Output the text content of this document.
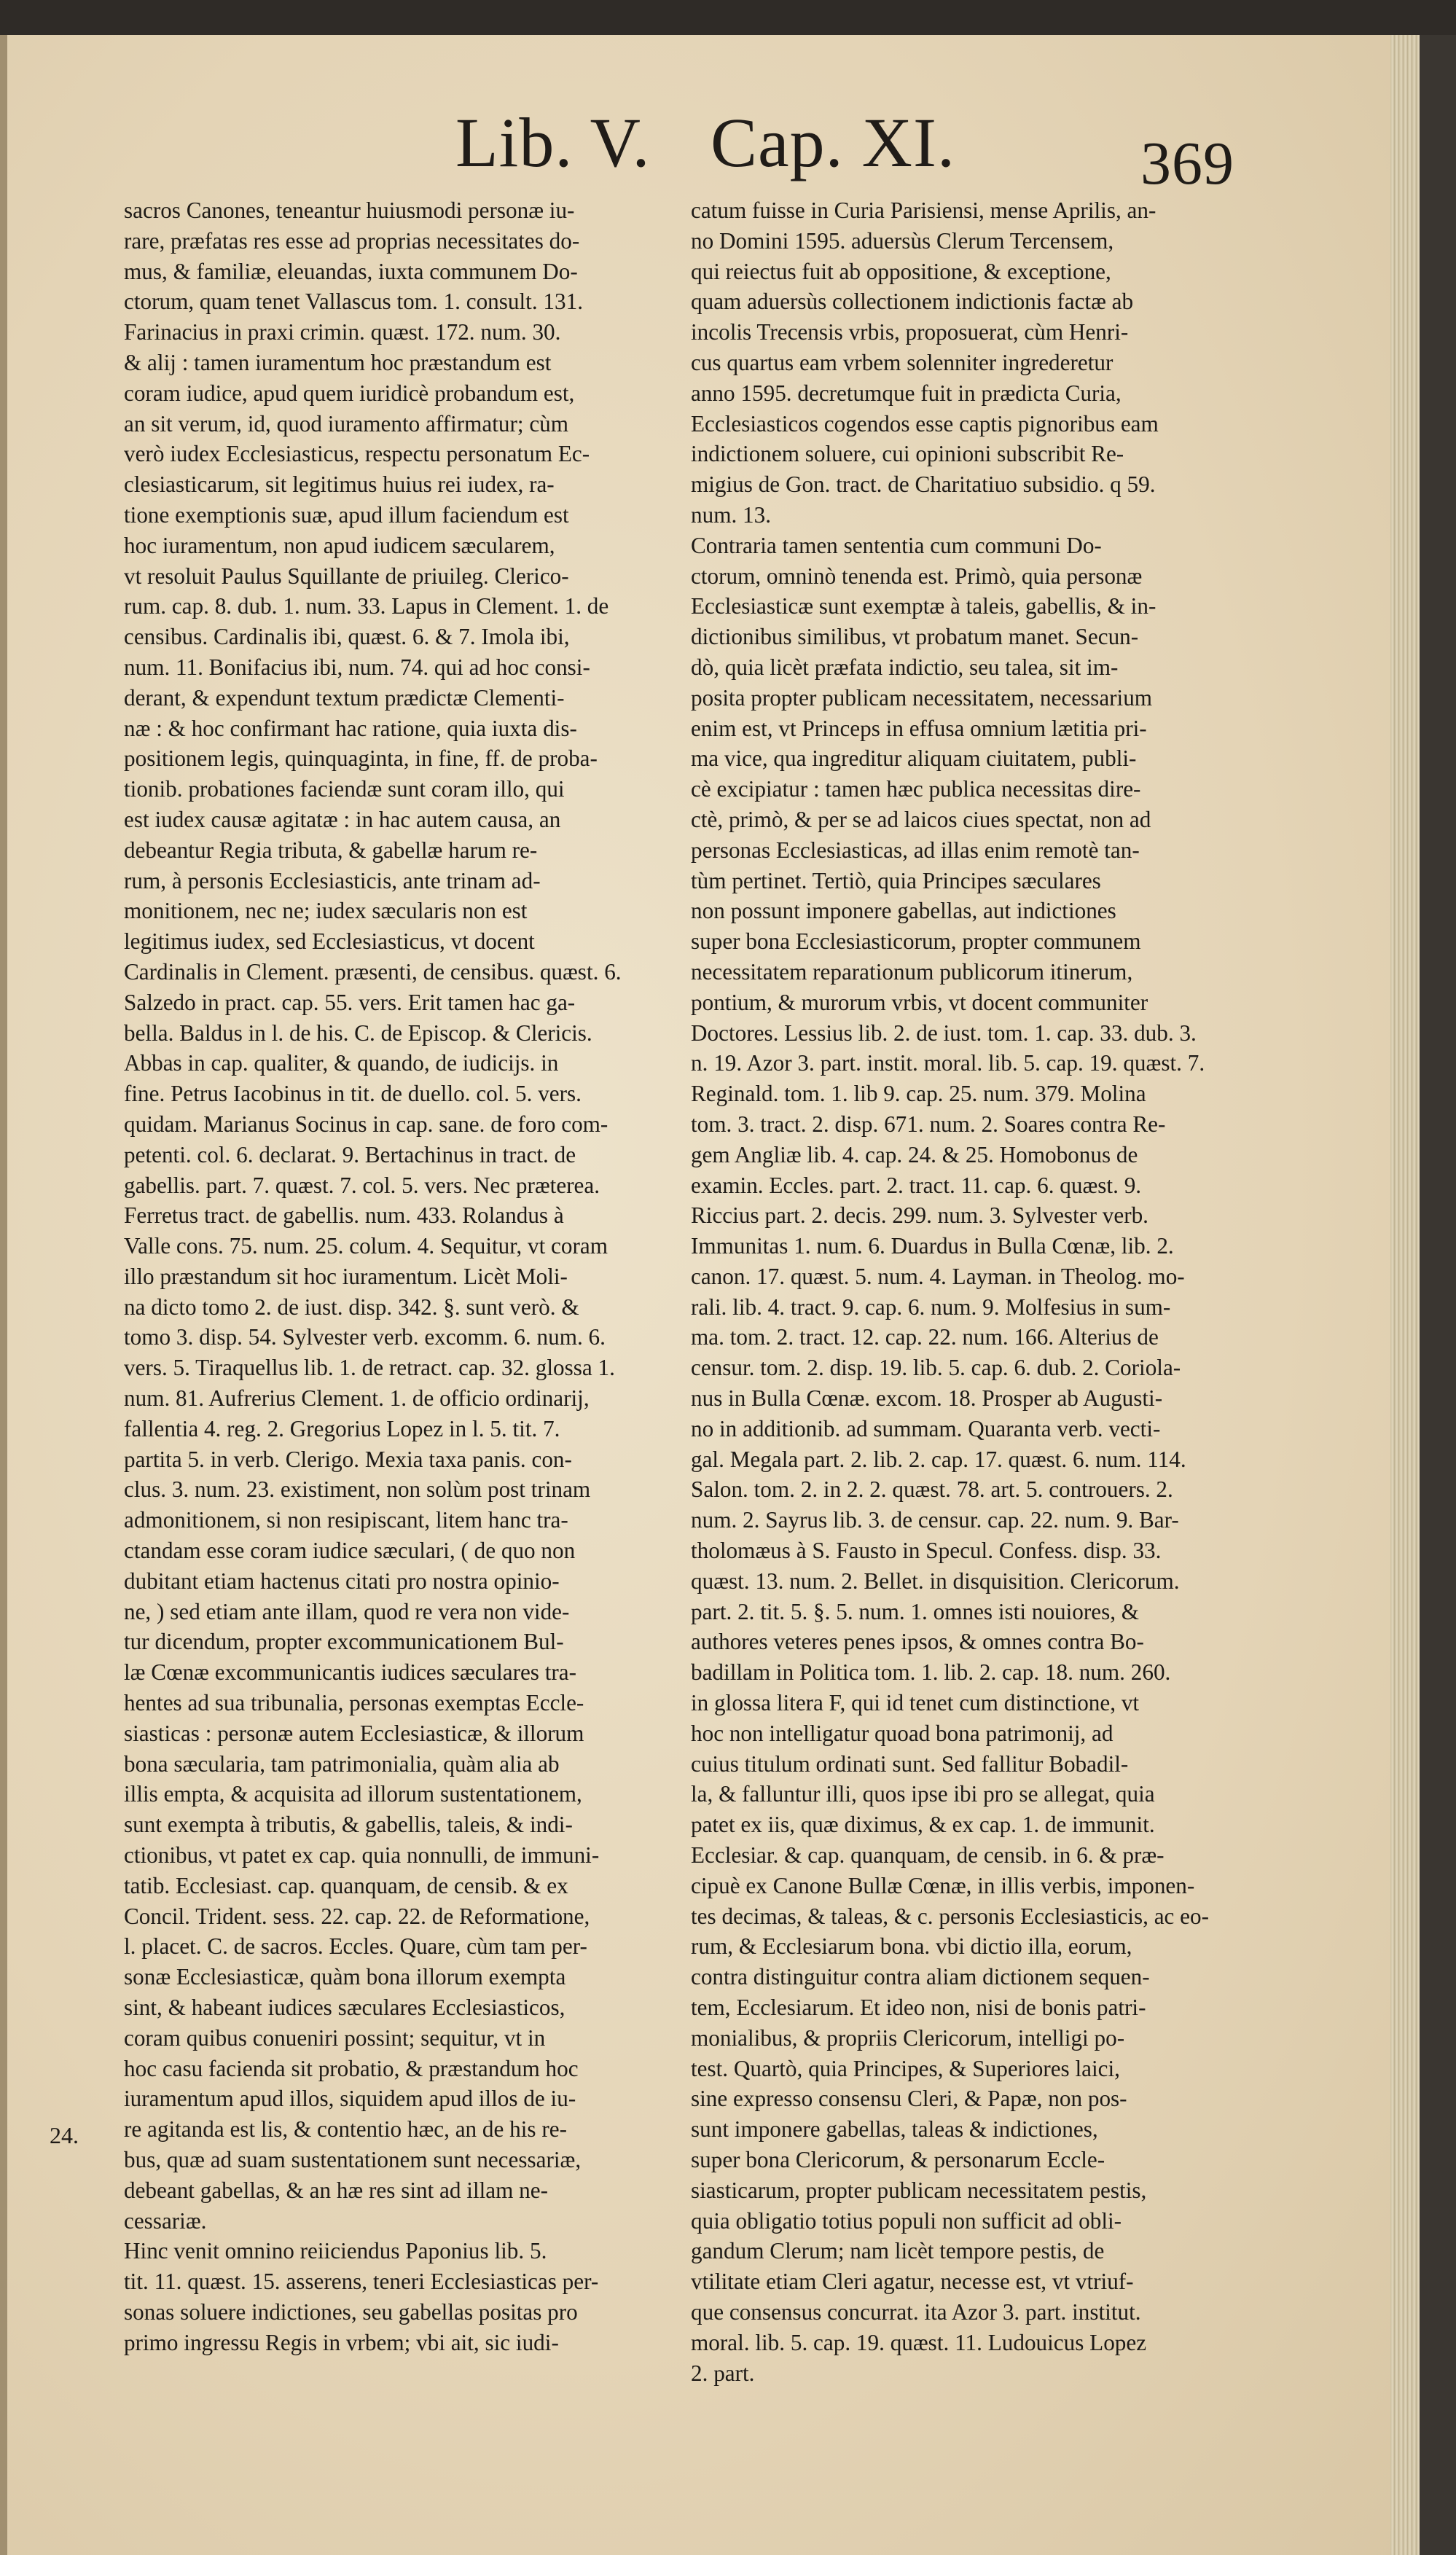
Lib. V. Cap. XI.	369
sacros Canones, teneantur huiusmodi personæ iu-
rare, præfatas res esse ad proprias necessitates do-
mus, & familiæ, eleuandas, iuxta communem Do-
ctorum, quam tenet Vallascus tom. 1. consult. 131.
Farinacius in praxi crimin. quæst. 172. num. 30.
& alij : tamen iuramentum hoc præstandum est
coram iudice, apud quem iuridicè probandum est,
an sit verum, id, quod iuramento affirmatur; cùm
verò iudex Ecclesiasticus, respectu personatum Ec-
clesiasticarum, sit legitimus huius rei iudex, ra-
tione exemptionis suæ, apud illum faciendum est
hoc iuramentum, non apud iudicem sæcularem,
vt resoluit Paulus Squillante de priuileg. Clerico-
rum. cap. 8. dub. 1. num. 33. Lapus in Clement. 1. de
censibus. Cardinalis ibi, quæst. 6. & 7. Imola ibi,
num. 11. Bonifacius ibi, num. 74. qui ad hoc consi-
derant, & expendunt textum prædictæ Clementi-
næ : & hoc confirmant hac ratione, quia iuxta dis-
positionem legis, quinquaginta, in fine, ff. de proba-
tionib. probationes faciendæ sunt coram illo, qui
est iudex causæ agitatæ : in hac autem causa, an
debeantur Regia tributa, & gabellæ harum re-
rum, à personis Ecclesiasticis, ante trinam ad-
monitionem, nec ne; iudex sæcularis non est
legitimus iudex, sed Ecclesiasticus, vt docent
Cardinalis in Clement. præsenti, de censibus. quæst. 6.
Salzedo in pract. cap. 55. vers. Erit tamen hac ga-
bella. Baldus in l. de his. C. de Episcop. & Clericis.
Abbas in cap. qualiter, & quando, de iudicijs. in
fine. Petrus Iacobinus in tit. de duello. col. 5. vers.
quidam. Marianus Socinus in cap. sane. de foro com-
petenti. col. 6. declarat. 9. Bertachinus in tract. de
gabellis. part. 7. quæst. 7. col. 5. vers. Nec præterea.
Ferretus tract. de gabellis. num. 433. Rolandus à
Valle cons. 75. num. 25. colum. 4. Sequitur, vt coram
illo præstandum sit hoc iuramentum. Licèt Moli-
na dicto tomo 2. de iust. disp. 342. §. sunt verò. &
tomo 3. disp. 54. Sylvester verb. excomm. 6. num. 6.
vers. 5. Tiraquellus lib. 1. de retract. cap. 32. glossa 1.
num. 81. Aufrerius Clement. 1. de officio ordinarij,
fallentia 4. reg. 2. Gregorius Lopez in l. 5. tit. 7.
partita 5. in verb. Clerigo. Mexia taxa panis. con-
clus. 3. num. 23. existiment, non solùm post trinam
admonitionem, si non resipiscant, litem hanc tra-
ctandam esse coram iudice sæculari, ( de quo non
dubitant etiam hactenus citati pro nostra opinio-
ne, ) sed etiam ante illam, quod re vera non vide-
tur dicendum, propter excommunicationem Bul-
læ Cœnæ excommunicantis iudices sæculares tra-
hentes ad sua tribunalia, personas exemptas Eccle-
siasticas : personæ autem Ecclesiasticæ, & illorum
bona sæcularia, tam patrimonialia, quàm alia ab
illis empta, & acquisita ad illorum sustentationem,
sunt exempta à tributis, & gabellis, taleis, & indi-
ctionibus, vt patet ex cap. quia nonnulli, de immuni-
tatib. Ecclesiast. cap. quanquam, de censib. & ex
Concil. Trident. sess. 22. cap. 22. de Reformatione,
l. placet. C. de sacros. Eccles. Quare, cùm tam per-
sonæ Ecclesiasticæ, quàm bona illorum exempta
sint, & habeant iudices sæculares Ecclesiasticos,
coram quibus conueniri possint; sequitur, vt in
hoc casu facienda sit probatio, & præstandum hoc
iuramentum apud illos, siquidem apud illos de iu-
re agitanda est lis, & contentio hæc, an de his re-
bus, quæ ad suam sustentationem sunt necessariæ,
debeant gabellas, & an hæ res sint ad illam ne-
cessariæ.
Hinc venit omnino reiiciendus Paponius lib. 5.
tit. 11. quæst. 15. asserens, teneri Ecclesiasticas per-
sonas soluere indictiones, seu gabellas positas pro
primo ingressu Regis in vrbem; vbi ait, sic iudi-
catum fuisse in Curia Parisiensi, mense Aprilis, an-
no Domini 1595. aduersùs Clerum Tercensem,
qui reiectus fuit ab oppositione, & exceptione,
quam aduersùs collectionem indictionis factæ ab
incolis Trecensis vrbis, proposuerat, cùm Henri-
cus quartus eam vrbem solenniter ingrederetur
anno 1595. decretumque fuit in prædicta Curia,
Ecclesiasticos cogendos esse captis pignoribus eam
indictionem soluere, cui opinioni subscribit Re-
migius de Gon. tract. de Charitatiuo subsidio. q 59.
num. 13.
Contraria tamen sententia cum communi Do-
ctorum, omninò tenenda est. Primò, quia personæ
Ecclesiasticæ sunt exemptæ à taleis, gabellis, & in-
dictionibus similibus, vt probatum manet. Secun-
dò, quia licèt præfata indictio, seu talea, sit im-
posita propter publicam necessitatem, necessarium
enim est, vt Princeps in effusa omnium lætitia pri-
ma vice, qua ingreditur aliquam ciuitatem, publi-
cè excipiatur : tamen hæc publica necessitas dire-
ctè, primò, & per se ad laicos ciues spectat, non ad
personas Ecclesiasticas, ad illas enim remotè tan-
tùm pertinet. Tertiò, quia Principes sæculares
non possunt imponere gabellas, aut indictiones
super bona Ecclesiasticorum, propter communem
necessitatem reparationum publicorum itinerum,
pontium, & murorum vrbis, vt docent communiter
Doctores. Lessius lib. 2. de iust. tom. 1. cap. 33. dub. 3.
n. 19. Azor 3. part. instit. moral. lib. 5. cap. 19. quæst. 7.
Reginald. tom. 1. lib 9. cap. 25. num. 379. Molina
tom. 3. tract. 2. disp. 671. num. 2. Soares contra Re-
gem Angliæ lib. 4. cap. 24. & 25. Homobonus de
examin. Eccles. part. 2. tract. 11. cap. 6. quæst. 9.
Riccius part. 2. decis. 299. num. 3. Sylvester verb.
Immunitas 1. num. 6. Duardus in Bulla Cœnæ, lib. 2.
canon. 17. quæst. 5. num. 4. Layman. in Theolog. mo-
rali. lib. 4. tract. 9. cap. 6. num. 9. Molfesius in sum-
ma. tom. 2. tract. 12. cap. 22. num. 166. Alterius de
censur. tom. 2. disp. 19. lib. 5. cap. 6. dub. 2. Coriola-
nus in Bulla Cœnæ. excom. 18. Prosper ab Augusti-
no in additionib. ad summam. Quaranta verb. vecti-
gal. Megala part. 2. lib. 2. cap. 17. quæst. 6. num. 114.
Salon. tom. 2. in 2. 2. quæst. 78. art. 5. controuers. 2.
num. 2. Sayrus lib. 3. de censur. cap. 22. num. 9. Bar-
tholomæus à S. Fausto in Specul. Confess. disp. 33.
quæst. 13. num. 2. Bellet. in disquisition. Clericorum.
part. 2. tit. 5. §. 5. num. 1. omnes isti nouiores, &
authores veteres penes ipsos, & omnes contra Bo-
badillam in Politica tom. 1. lib. 2. cap. 18. num. 260.
in glossa litera F, qui id tenet cum distinctione, vt
hoc non intelligatur quoad bona patrimonij, ad
cuius titulum ordinati sunt. Sed fallitur Bobadil-
la, & falluntur illi, quos ipse ibi pro se allegat, quia
patet ex iis, quæ diximus, & ex cap. 1. de immunit.
Ecclesiar. & cap. quanquam, de censib. in 6. & præ-
cipuè ex Canone Bullæ Cœnæ, in illis verbis, imponen-
tes decimas, & taleas, & c. personis Ecclesiasticis, ac eo-
rum, & Ecclesiarum bona. vbi dictio illa, eorum,
contra distinguitur contra aliam dictionem sequen-
tem, Ecclesiarum. Et ideo non, nisi de bonis patri-
monialibus, & propriis Clericorum, intelligi po-
test. Quartò, quia Principes, & Superiores laici,
sine expresso consensu Cleri, & Papæ, non pos-
sunt imponere gabellas, taleas & indictiones,
super bona Clericorum, & personarum Eccle-
siasticarum, propter publicam necessitatem pestis,
quia obligatio totius populi non sufficit ad obli-
gandum Clerum; nam licèt tempore pestis, de
vtilitate etiam Cleri agatur, necesse est, vt vtriuf-
que consensus concurrat. ita Azor 3. part. institut.
moral. lib. 5. cap. 19. quæst. 11. Ludouicus Lopez
2. part.
24.
